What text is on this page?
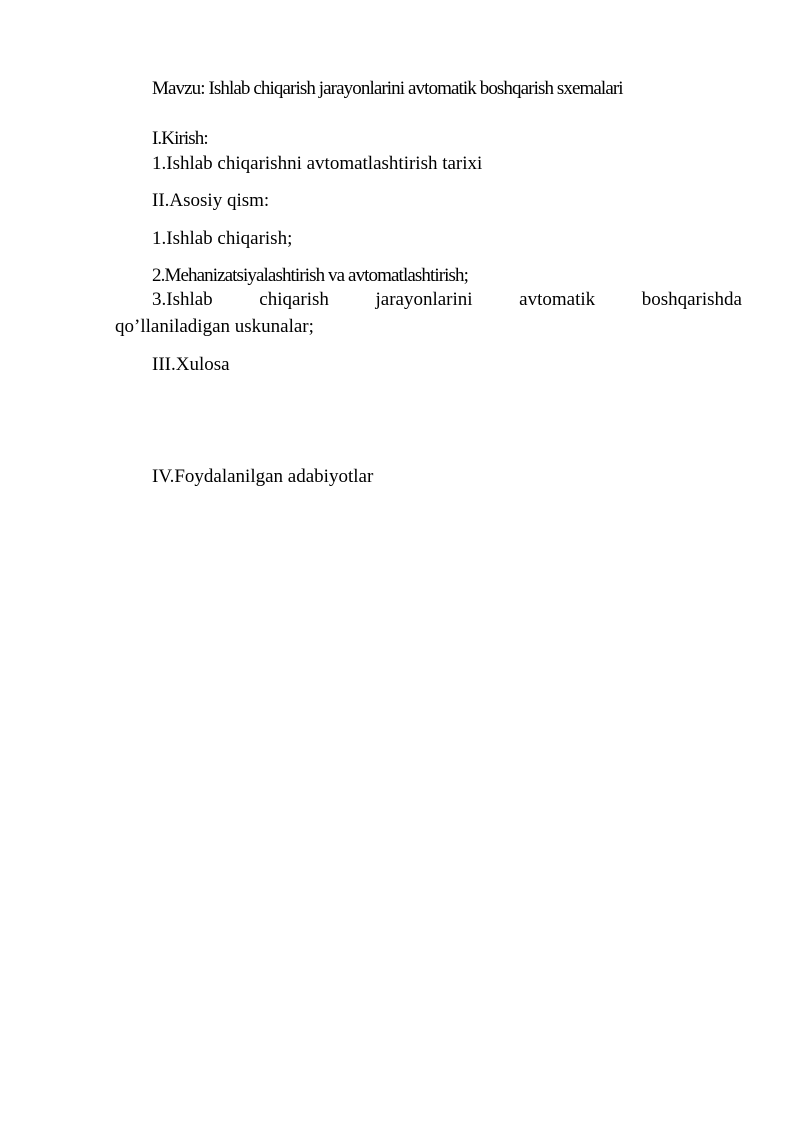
Mavzu: Ishlab chiqarish jarayonlarini avtomatik boshqarish sxemalari
I.Kirish:
1.Ishlab chiqarishni avtomatlashtirish tarixi
II.Asosiy qism:
1.Ishlab chiqarish;
2.Mehanizatsiyalashtirish va avtomatlashtirish;
3.Ishlab chiqarish jarayonlarini avtomatik boshqarishda
qo’llaniladigan uskunalar;
III.Xulosa
IV.Foydalanilgan adabiyotlar
